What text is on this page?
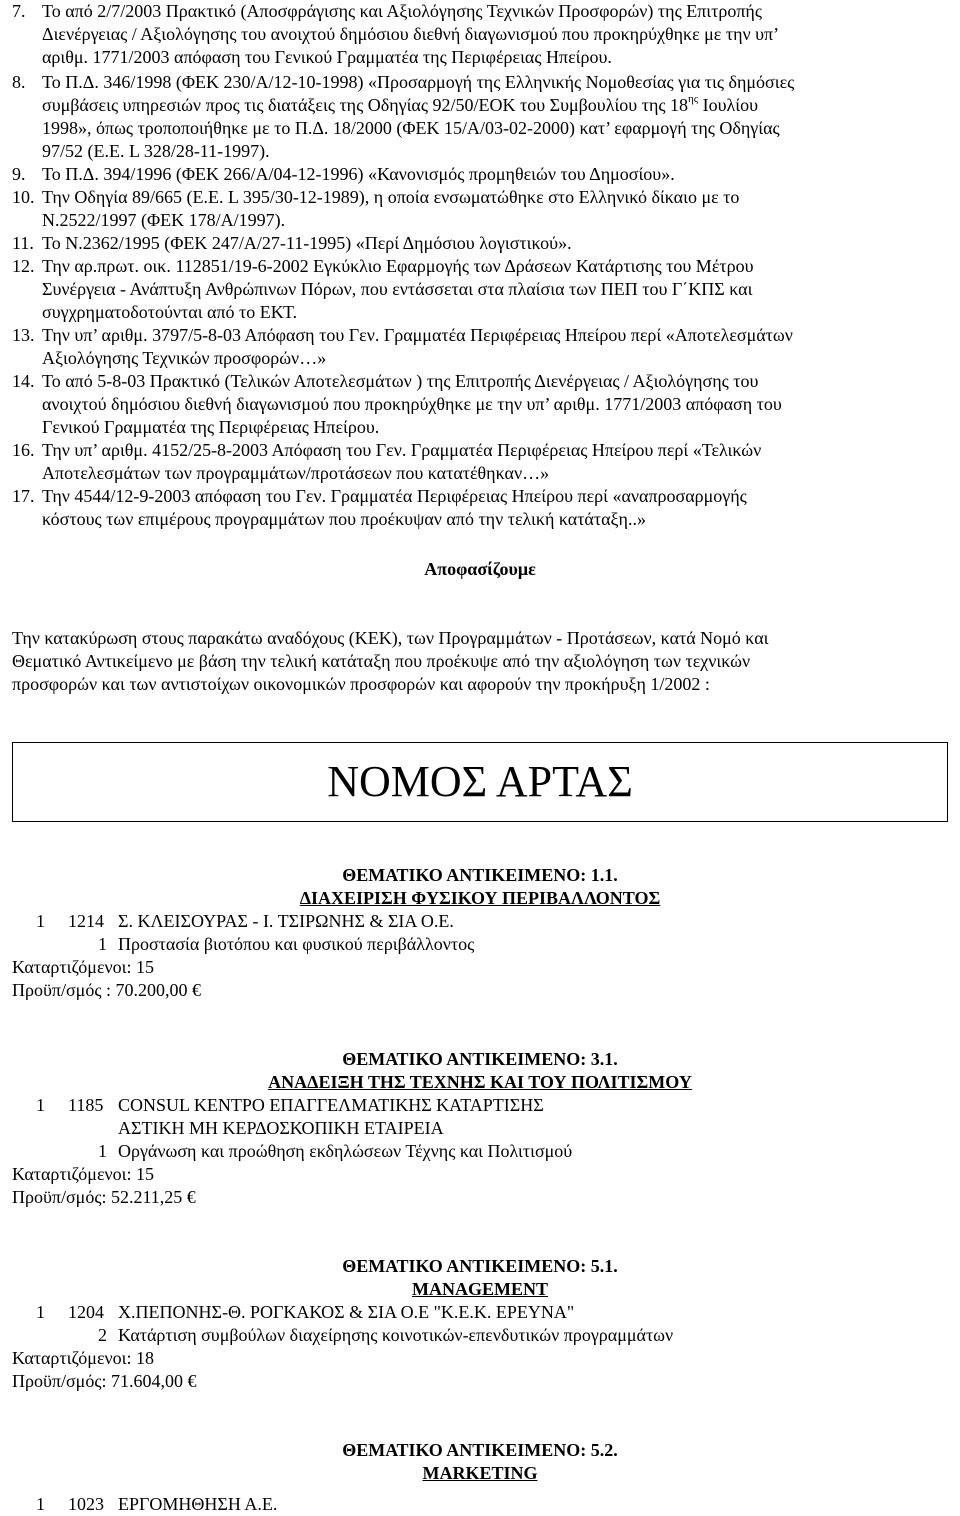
7. Το από 2/7/2003 Πρακτικό (Αποσφράγισης και Αξιολόγησης Τεχνικών Προσφορών) της Επιτροπής
Διενέργειας / Αξιολόγησης του ανοιχτού δημόσιου διεθνή διαγωνισμού που προκηρύχθηκε με την υπ’
αριθμ. 1771/2003 απόφαση του Γενικού Γραμματέα της Περιφέρειας Ηπείρου.
8. Το Π.Δ. 346/1998 (ΦΕΚ 230/Α/12-10-1998) «Προσαρμογή της Ελληνικής Νομοθεσίας για τις δημόσιες
συμβάσεις υπηρεσιών προς τις διατάξεις της Οδηγίας 92/50/ΕΟΚ του Συμβουλίου της $18^{\eta\varsigma}$ Ιουλίου
1998», όπως τροποποιήθηκε με το Π.Δ. 18/2000 (ΦΕΚ 15/Α/03-02-2000) κατ’ εφαρμογή της Οδηγίας
97/52 (Ε.Ε. L 328/28-11-1997).
9. Το Π.Δ. 394/1996 (ΦΕΚ 266/Α/04-12-1996) «Κανονισμός προμηθειών του Δημοσίου».
10. Την Οδηγία 89/665 (Ε.Ε. L 395/30-12-1989), η οποία ενσωματώθηκε στο Ελληνικό δίκαιο με το
Ν.2522/1997 (ΦΕΚ 178/Α/1997).
11. Το Ν.2362/1995 (ΦΕΚ 247/Α/27-11-1995) «Περί Δημόσιου λογιστικού».
12. Την αρ.πρωτ. οικ. 112851/19-6-2002 Εγκύκλιο Εφαρμογής των Δράσεων Κατάρτισης του Μέτρου
Συνέργεια - Ανάπτυξη Ανθρώπινων Πόρων, που εντάσσεται στα πλαίσια των ΠΕΠ του Γ΄ΚΠΣ και
συγχρηματοδοτούνται από το ΕΚΤ.
13. Την υπ’ αριθμ. 3797/5-8-03 Απόφαση του Γεν. Γραμματέα Περιφέρειας Ηπείρου περί «Αποτελεσμάτων
Αξιολόγησης Τεχνικών προσφορών…»
14. Το από 5-8-03 Πρακτικό (Τελικών Αποτελεσμάτων ) της Επιτροπής Διενέργειας / Αξιολόγησης του
ανοιχτού δημόσιου διεθνή διαγωνισμού που προκηρύχθηκε με την υπ’ αριθμ. 1771/2003 απόφαση του
Γενικού Γραμματέα της Περιφέρειας Ηπείρου.
16. Την υπ’ αριθμ. 4152/25-8-2003 Απόφαση του Γεν. Γραμματέα Περιφέρειας Ηπείρου περί «Τελικών
Αποτελεσμάτων των προγραμμάτων/προτάσεων που κατατέθηκαν…»
17. Την 4544/12-9-2003 απόφαση του Γεν. Γραμματέα Περιφέρειας Ηπείρου περί «αναπροσαρμογής
κόστους των επιμέρους προγραμμάτων που προέκυψαν από την τελική κατάταξη..»
Αποφασίζουμε
Την κατακύρωση στους παρακάτω αναδόχους (ΚΕΚ), των Προγραμμάτων - Προτάσεων, κατά Νομό και
Θεματικό Αντικείμενο με βάση την τελική κατάταξη που προέκυψε από την αξιολόγηση των τεχνικών
προσφορών και των αντιστοίχων οικονομικών προσφορών και αφορούν την προκήρυξη 1/2002 :
ΝΟΜΟΣ ΑΡΤΑΣ
ΘΕΜΑΤΙΚΟ ΑΝΤΙΚΕΙΜΕΝΟ: 1.1.
ΔΙΑΧΕΙΡΙΣΗ ΦΥΣΙΚΟΥ ΠΕΡΙΒΑΛΛΟΝΤΟΣ
1 1214 Σ. ΚΛΕΙΣΟΥΡΑΣ - Ι. ΤΣΙΡΩΝΗΣ & ΣΙΑ Ο.Ε.
1 Προστασία βιοτόπου και φυσικού περιβάλλοντος
Καταρτιζόμενοι: 15
Προϋπ/σμός : 70.200,00 €
ΘΕΜΑΤΙΚΟ ΑΝΤΙΚΕΙΜΕΝΟ: 3.1.
ΑΝΑΔΕΙΞΗ ΤΗΣ ΤΕΧΝΗΣ ΚΑΙ ΤΟΥ ΠΟΛΙΤΙΣΜΟΥ
1 1185 CONSUL ΚΕΝΤΡΟ ΕΠΑΓΓΕΛΜΑΤΙΚΗΣ ΚΑΤΑΡΤΙΣΗΣ
ΑΣΤΙΚΗ ΜΗ ΚΕΡΔΟΣΚΟΠΙΚΗ ΕΤΑΙΡΕΙΑ
1 Οργάνωση και προώθηση εκδηλώσεων Τέχνης και Πολιτισμού
Καταρτιζόμενοι: 15
Προϋπ/σμός: 52.211,25 €
ΘΕΜΑΤΙΚΟ ΑΝΤΙΚΕΙΜΕΝΟ: 5.1.
MANAGEMENT
1 1204 Χ.ΠΕΠΟΝΗΣ-Θ. ΡΟΓΚΑΚΟΣ & ΣΙΑ Ο.Ε "Κ.Ε.Κ. ΕΡΕΥΝΑ"
2 Κατάρτιση συμβούλων διαχείρησης κοινοτικών-επενδυτικών προγραμμάτων
Καταρτιζόμενοι: 18
Προϋπ/σμός: 71.604,00 €
ΘΕΜΑΤΙΚΟ ΑΝΤΙΚΕΙΜΕΝΟ: 5.2.
MARKETING
1 1023 ΕΡΓΟΜΗΘΗΣΗ Α.Ε.
